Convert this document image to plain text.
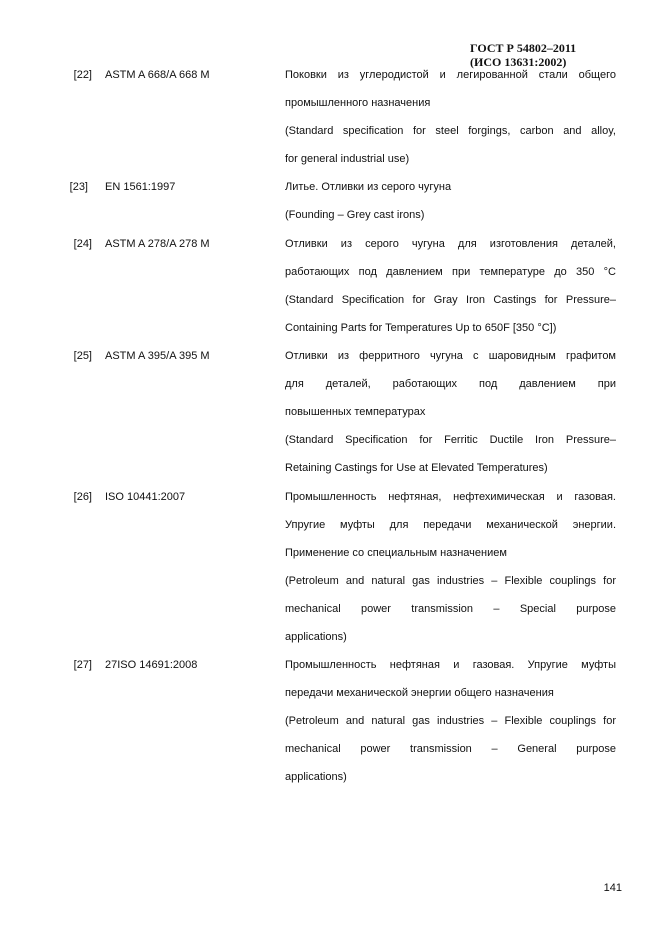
ГОСТ Р 54802–2011
(ИСО 13631:2002)
[22] ASTM A 668/A 668 M	Поковки из углеродистой и легированной стали общего
промышленного назначения
(Standard specification for steel forgings, carbon and alloy,
for general industrial use)
[23] EN 1561:1997	Литье. Отливки из серого чугуна
(Founding – Grey cast irons)
[24] ASTM A 278/A 278 M	Отливки из серого чугуна для изготовления деталей,
работающих под давлением при температуре до 350 °C
(Standard Specification for Gray Iron Castings for Pressure–
Containing Parts for Temperatures Up to 650F [350 °C])
[25] ASTM A 395/A 395 M	Отливки из ферритного чугуна с шаровидным графитом
для деталей, работающих под давлением при
повышенных температурах
(Standard Specification for Ferritic Ductile Iron Pressure–
Retaining Castings for Use at Elevated Temperatures)
[26] ISO 10441:2007	Промышленность нефтяная, нефтехимическая и газовая.
Упругие муфты для передачи механической энергии.
Применение со специальным назначением
(Petroleum and natural gas industries – Flexible couplings for
mechanical power transmission – Special purpose
applications)
[27] 27ISO 14691:2008	Промышленность нефтяная и газовая. Упругие муфты
передачи механической энергии общего назначения
(Petroleum and natural gas industries – Flexible couplings for
mechanical power transmission – General purpose
applications)
141
